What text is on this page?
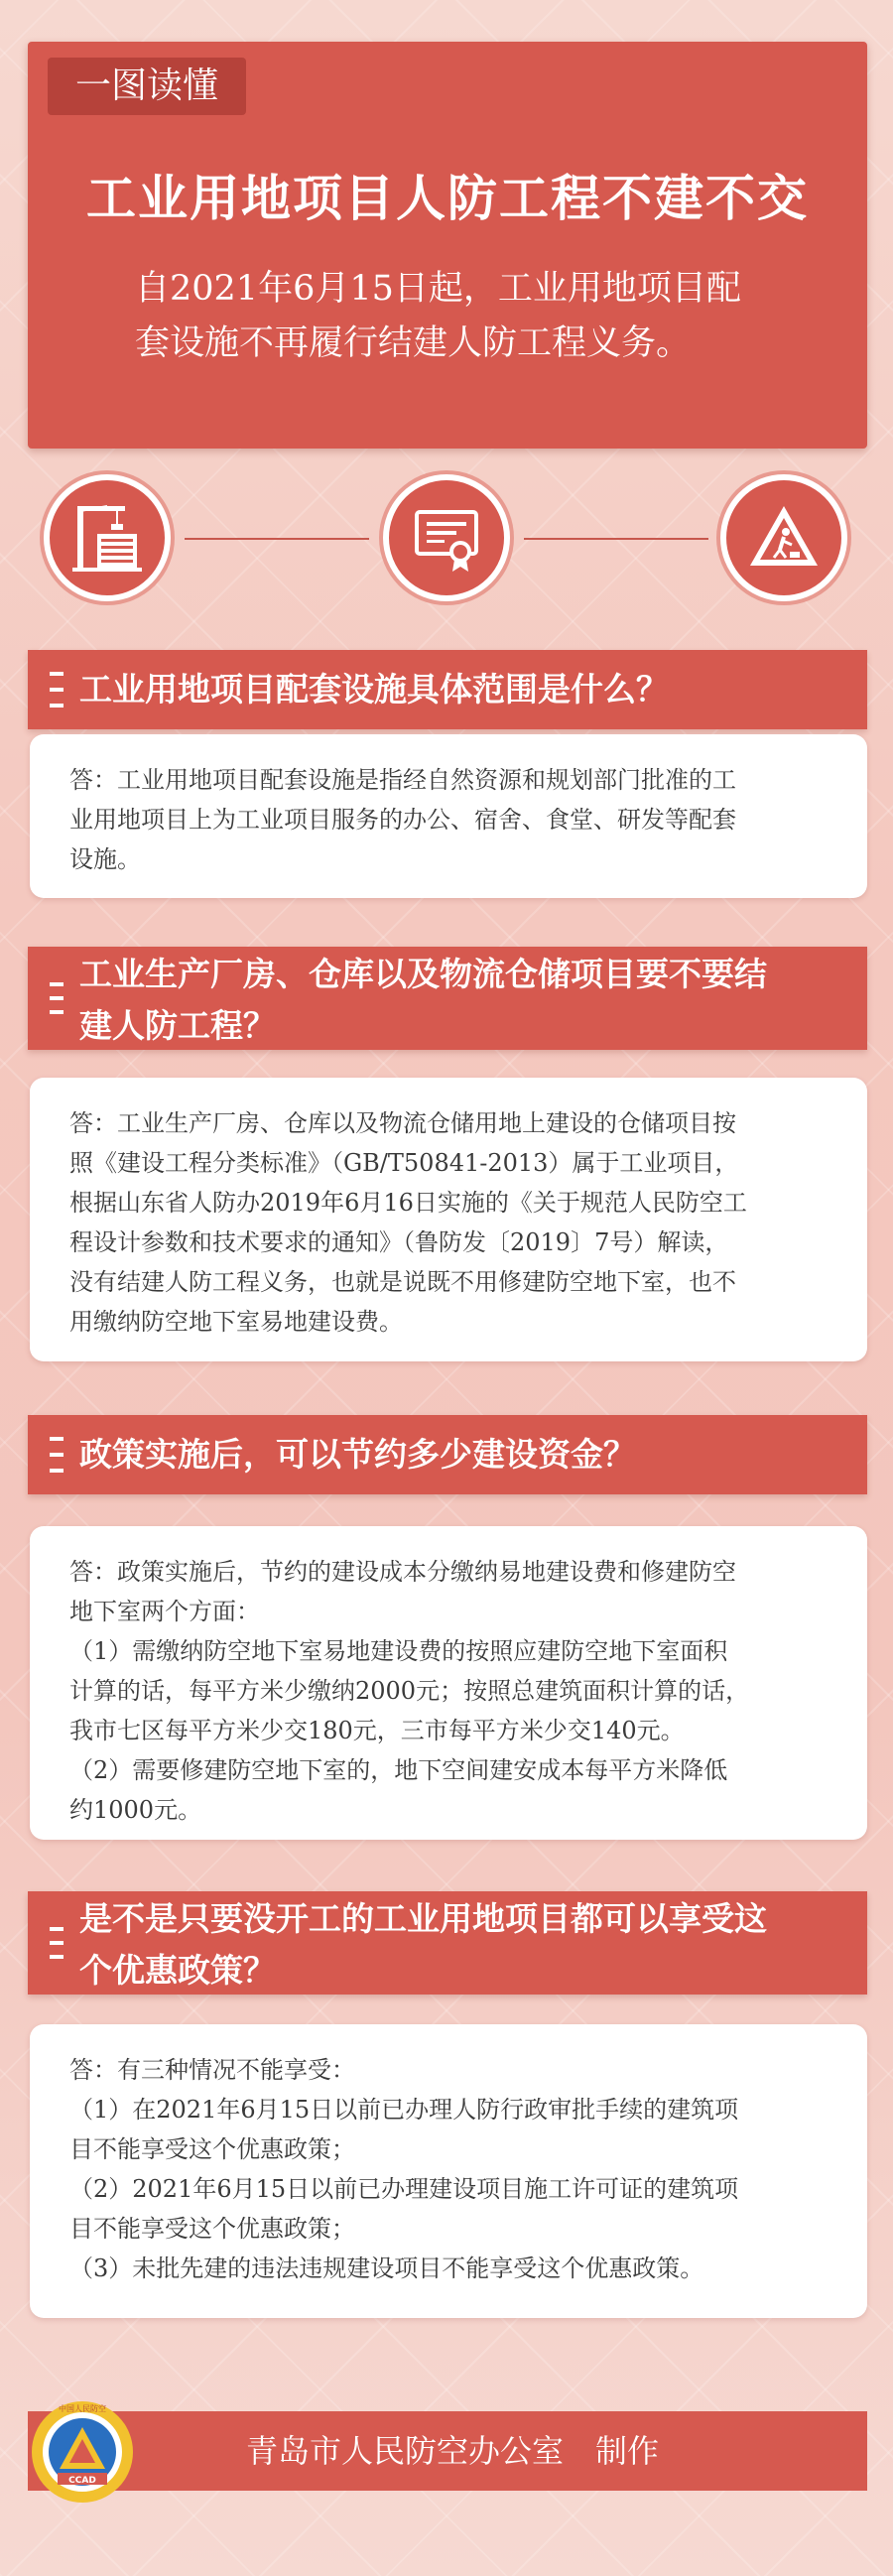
一图读懂
工业用地项目人防工程不建不交
自2021年6月15日起，工业用地项目配
套设施不再履行结建人防工程义务。
工业用地项目配套设施具体范围是什么？

答：工业用地项目配套设施是指经自然资源和规划部门批准的工

业用地项目上为工业项目服务的办公、宿舍、食堂、研发等配套

设施。

工业生产厂房、仓库以及物流仓储项目要不要结
建人防工程？

答：工业生产厂房、仓库以及物流仓储用地上建设的仓储项目按

照《建设工程分类标准》（GB/T50841-2013）属于工业项目，

根据山东省人防办2019年6月16日实施的《关于规范人民防空工

程设计参数和技术要求的通知》（鲁防发〔2019〕7号）解读，

没有结建人防工程义务，也就是说既不用修建防空地下室，也不

用缴纳防空地下室易地建设费。

政策实施后，可以节约多少建设资金？

答：政策实施后，节约的建设成本分缴纳易地建设费和修建防空

地下室两个方面：

（1）需缴纳防空地下室易地建设费的按照应建防空地下室面积

计算的话，每平方米少缴纳2000元；按照总建筑面积计算的话，

我市七区每平方米少交180元，三市每平方米少交140元。

（2）需要修建防空地下室的，地下空间建安成本每平方米降低

约1000元。

是不是只要没开工的工业用地项目都可以享受这
个优惠政策？

答：有三种情况不能享受：

（1）在2021年6月15日以前已办理人防行政审批手续的建筑项

目不能享受这个优惠政策；

（2）2021年6月15日以前已办理建设项目施工许可证的建筑项

目不能享受这个优惠政策；

（3）未批先建的违法违规建设项目不能享受这个优惠政策。

青岛市人民防空办公室　制作
CCAD
中国人民防空
